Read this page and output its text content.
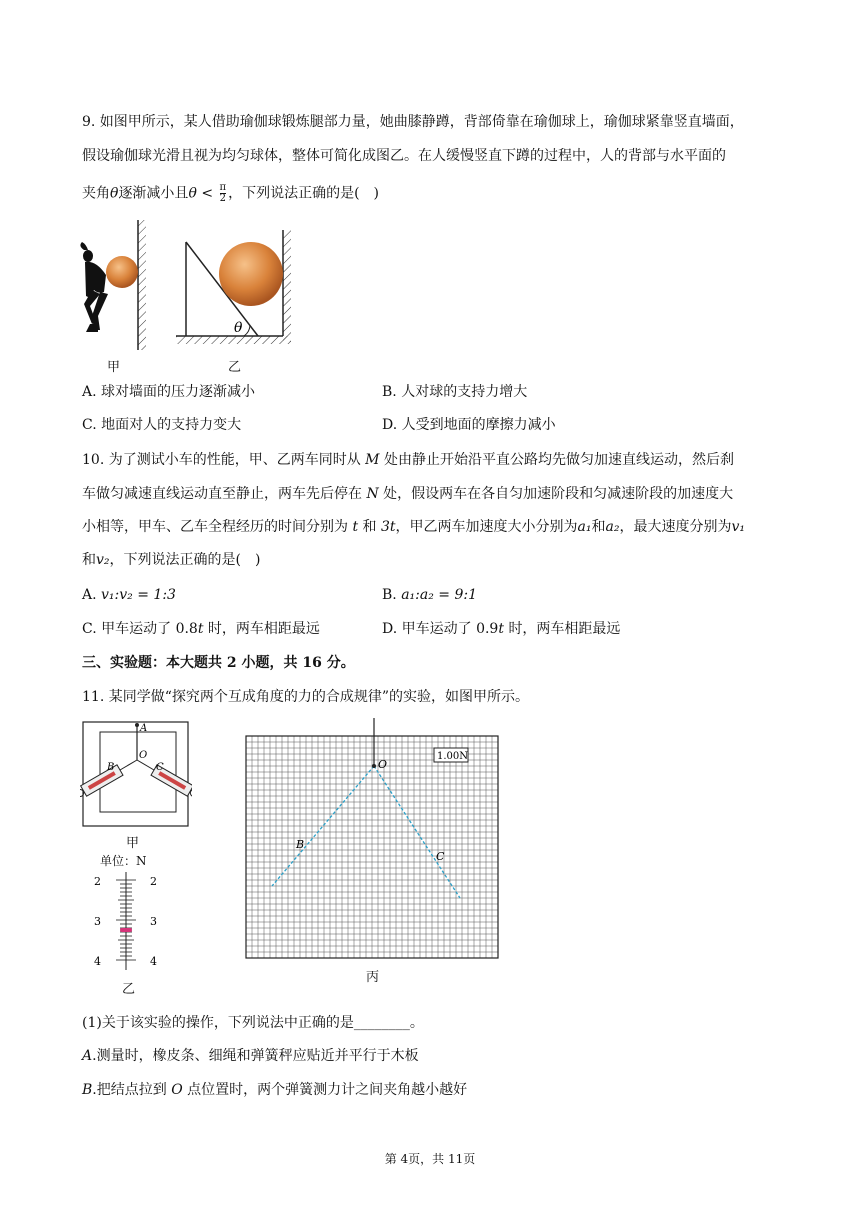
9. 如图甲所示，某人借助瑜伽球锻炼腿部力量，她曲膝静蹲，背部倚靠在瑜伽球上，瑜伽球紧靠竖直墙面，
假设瑜伽球光滑且视为均匀球体，整体可简化成图乙。在人缓慢竖直下蹲的过程中，人的背部与水平面的
夹角θ逐渐减小且$\theta < \frac{\pi}{2}$ ，下列说法正确的是(　)
甲
θ
乙
A. 球对墙面的压力逐渐减小	B. 人对球的支持力增大
C. 地面对人的支持力变大	D. 人受到地面的摩擦力减小
10. 为了测试小车的性能，甲、乙两车同时从 M 处由静止开始沿平直公路均先做匀加速直线运动，然后刹
车做匀减速直线运动直至静止，两车先后停在 N 处，假设两车在各自匀加速阶段和匀减速阶段的加速度大
小相等，甲车、乙车全程经历的时间分别为 t 和 3t，甲乙两车加速度大小分别为a₁和a₂，最大速度分别为v₁
和v₂，下列说法正确的是(　)
A. v₁:v₂ = 1:3	B. a₁:a₂ = 9:1
C. 甲车运动了 0.8t 时，两车相距最远	D. 甲车运动了 0.9t 时，两车相距最远
三、实验题：本大题共 2 小题，共 16 分。
11. 某同学做“探究两个互成角度的力的合成规律”的实验，如图甲所示。
A
O
B	C
甲
单位：N
2	2
3	3
4	4
乙
1.00N
O
B
C
丙
(1)关于该实验的操作，下列说法中正确的是________。
A.测量时，橡皮条、细绳和弹簧秤应贴近并平行于木板
B.把结点拉到 O 点位置时，两个弹簧测力计之间夹角越小越好
第 4页，共 11页
